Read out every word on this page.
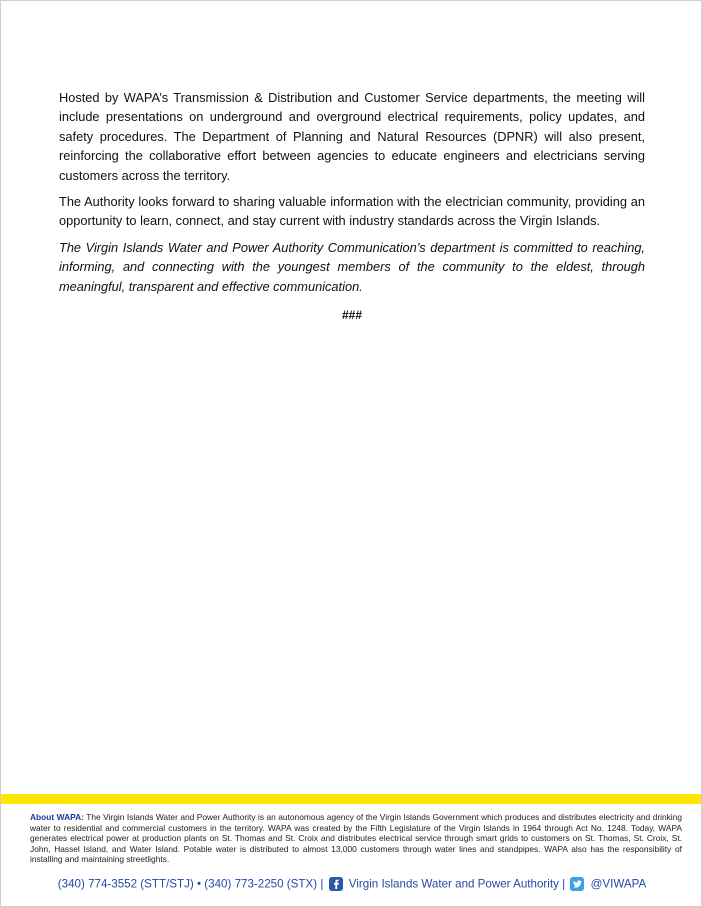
Hosted by WAPA’s Transmission & Distribution and Customer Service departments, the meeting will include presentations on underground and overground electrical requirements, policy updates, and safety procedures. The Department of Planning and Natural Resources (DPNR) will also present, reinforcing the collaborative effort between agencies to educate engineers and electricians serving customers across the territory.

The Authority looks forward to sharing valuable information with the electrician community, providing an opportunity to learn, connect, and stay current with industry standards across the Virgin Islands.

The Virgin Islands Water and Power Authority Communication’s department is committed to reaching, informing, and connecting with the youngest members of the community to the eldest, through meaningful, transparent and effective communication.

###

About WAPA: The Virgin Islands Water and Power Authority is an autonomous agency of the Virgin Islands Government which produces and distributes electricity and drinking water to residential and commercial customers in the territory. WAPA was created by the Fifth Legislature of the Virgin Islands in 1964 through Act No. 1248. Today, WAPA generates electrical power at production plants on St. Thomas and St. Croix and distributes electrical service through smart grids to customers on St. Thomas, St. Croix, St. John, Hassel Island, and Water Island. Potable water is distributed to almost 13,000 customers through water lines and standpipes. WAPA also has the responsibility of installing and maintaining streetlights.

(340) 774-3552 (STT/STJ) • (340) 773-2250 (STX) | Virgin Islands Water and Power Authority | @VIWAPA
